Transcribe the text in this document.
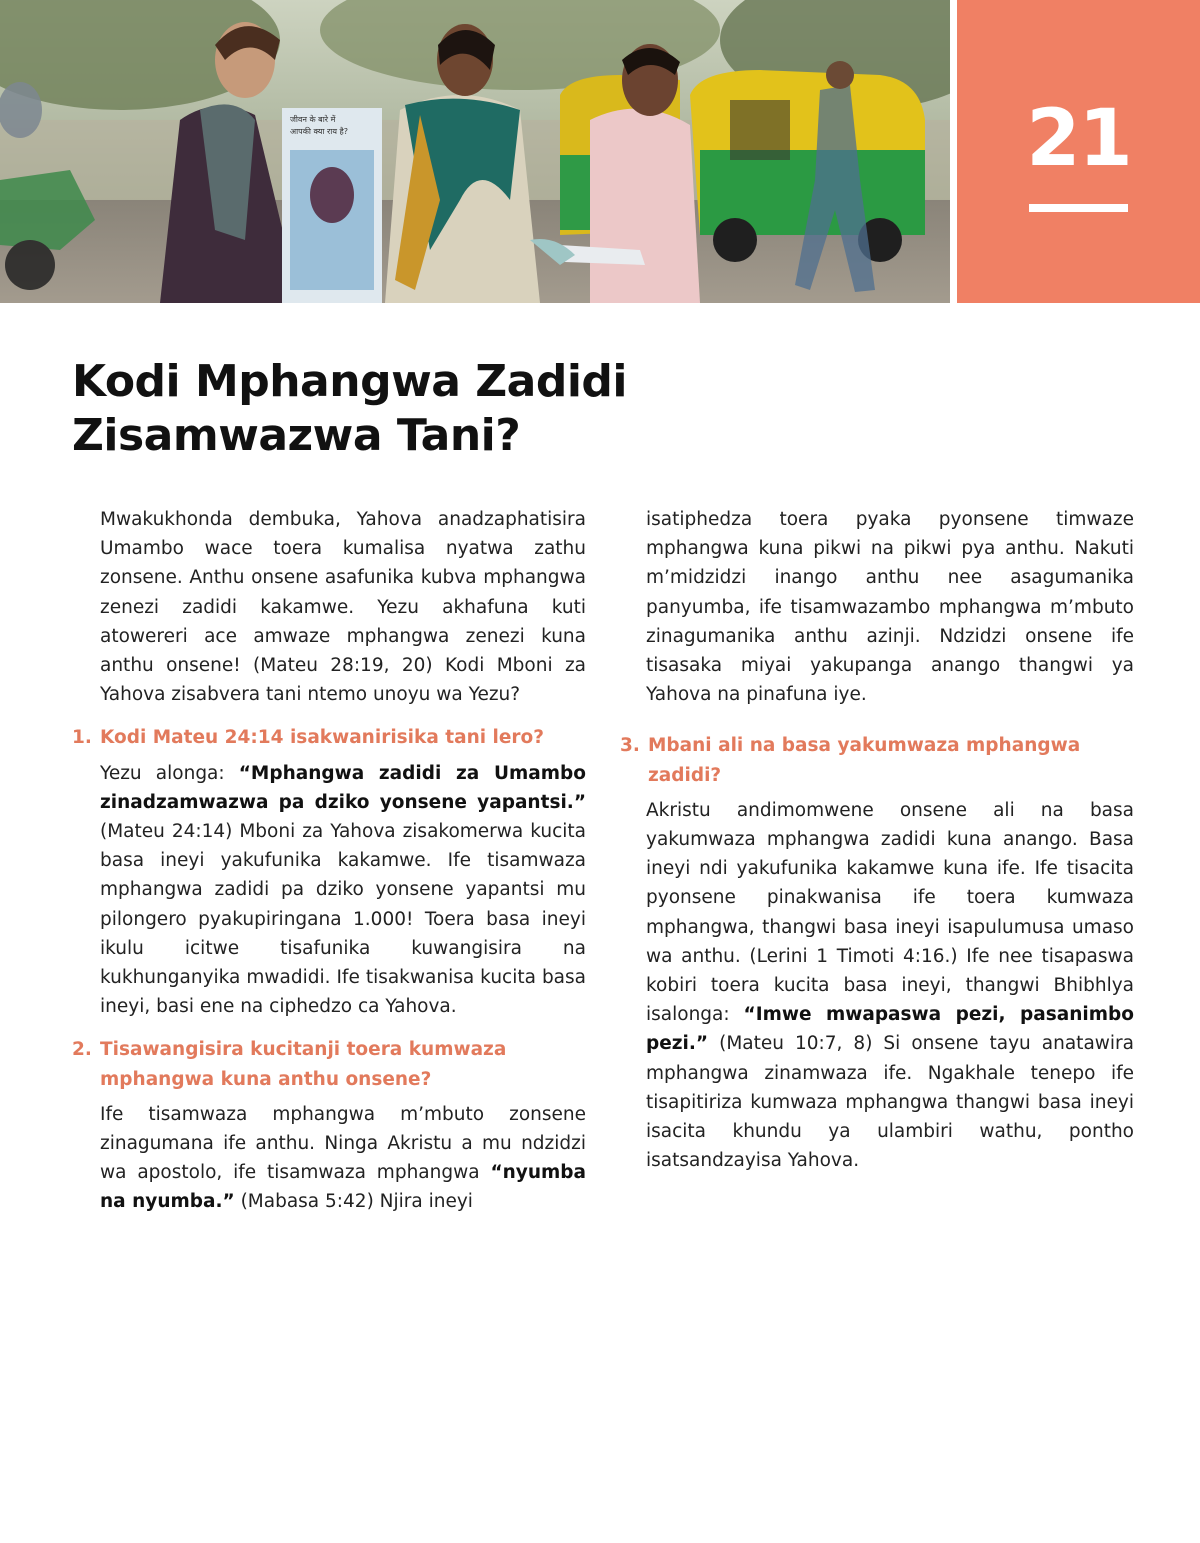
जीवन के बारे में
आपकी क्या राय है?	21
Kodi Mphangwa Zadidi
Zisamwazwa Tani?

Mwakukhonda dembuka, Yahova anadzaphatisira Umambo wace toera kumalisa nyatwa zathu zonsene. Anthu onsene asafunika kubva mphangwa zenezi zadidi kakamwe. Yezu akhafuna kuti atowereri ace amwaze mphangwa zenezi kuna anthu onsene! (Mateu 28:19, 20) Kodi Mboni za Yahova zisabvera tani ntemo unoyu wa Yezu?

1. Kodi Mateu 24:14 isakwanirisika tani lero?

Yezu alonga: “Mphangwa zadidi za Umambo zinadzamwazwa pa dziko yonsene yapantsi.” (Mateu 24:14) Mboni za Yahova zisakomerwa kucita basa ineyi yakufunika kakamwe. Ife tisamwaza mphangwa zadidi pa dziko yonsene yapantsi mu pilongero pyakupiringana 1.000! Toera basa ineyi ikulu icitwe tisafunika kuwangisira na kukhunganyika mwadidi. Ife tisakwanisa kucita basa ineyi, basi ene na ciphedzo ca Yahova.

2. Tisawangisira kucitanji toera kumwaza mphangwa kuna anthu onsene?

Ife tisamwaza mphangwa m’mbuto zonsene zinagumana ife anthu. Ninga Akristu a mu ndzidzi wa apostolo, ife tisamwaza mphangwa “nyumba na nyumba.” (Mabasa 5:42) Njira ineyi

isatiphedza toera pyaka pyonsene timwaze mphangwa kuna pikwi na pikwi pya anthu. Nakuti m’midzidzi inango anthu nee asagumanika panyumba, ife tisamwazambo mphangwa m’mbuto zinagumanika anthu azinji. Ndzidzi onsene ife tisasaka miyai yakupanga anango thangwi ya Yahova na pinafuna iye.

3. Mbani ali na basa yakumwaza mphangwa zadidi?

Akristu andimomwene onsene ali na basa yakumwaza mphangwa zadidi kuna anango. Basa ineyi ndi yakufunika kakamwe kuna ife. Ife tisacita pyonsene pinakwanisa ife toera kumwaza mphangwa, thangwi basa ineyi isapulumusa umaso wa anthu. (Lerini 1 Timoti 4:16.) Ife nee tisapaswa kobiri toera kucita basa ineyi, thangwi Bhibhlya isalonga: “Imwe mwapaswa pezi, pasanimbo pezi.” (Mateu 10:7, 8) Si onsene tayu anatawira mphangwa zinamwaza ife. Ngakhale tenepo ife tisapitiriza kumwaza mphangwa thangwi basa ineyi isacita khundu ya ulambiri wathu, pontho isatsandzayisa Yahova.
